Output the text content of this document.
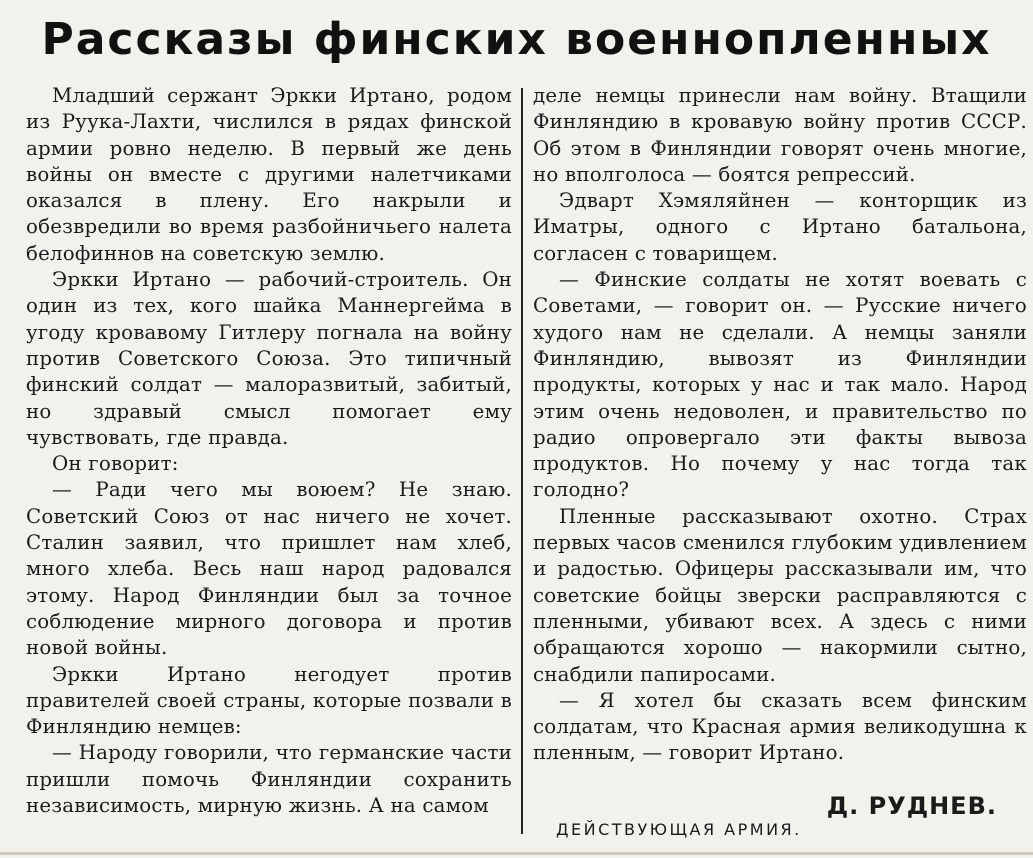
Рассказы финских военнопленных

Младший сержант Эркки Иртано, родом из Руука-Лахти, числился в рядах финской армии ровно неделю. В первый же день войны он вместе с другими налетчиками оказался в плену. Его накрыли и обезвредили во время разбойничьего налета белофиннов на советскую землю.

Эркки Иртано — рабочий-строитель. Он один из тех, кого шайка Маннергейма в угоду кровавому Гитлеру погнала на войну против Советского Союза. Это типичный финский солдат — малоразвитый, забитый, но здравый смысл помогает ему чувствовать, где правда.

Он говорит:

— Ради чего мы воюем? Не знаю. Советский Союз от нас ничего не хочет. Сталин заявил, что пришлет нам хлеб, много хлеба. Весь наш народ радовался этому. Народ Финляндии был за точное соблюдение мирного договора и против новой войны.

Эркки Иртано негодует против правителей своей страны, которые позвали в Финляндию немцев:

— Народу говорили, что германские части пришли помочь Финляндии сохранить независимость, мирную жизнь. А на самом

деле немцы принесли нам войну. Втащили Финляндию в кровавую войну против СССР. Об этом в Финляндии говорят очень многие, но вполголоса — боятся репрессий.

Эдварт Хэмяляйнен — конторщик из Иматры, одного с Иртано батальона, согласен с товарищем.

— Финские солдаты не хотят воевать с Советами, — говорит он. — Русские ничего худого нам не сделали. А немцы заняли Финляндию, вывозят из Финляндии продукты, которых у нас и так мало. Народ этим очень недоволен, и правительство по радио опровергало эти факты вывоза продуктов. Но почему у нас тогда так голодно?

Пленные рассказывают охотно. Страх первых часов сменился глубоким удивлением и радостью. Офицеры рассказывали им, что советские бойцы зверски расправляются с пленными, убивают всех. А здесь с ними обращаются хорошо — накормили сытно, снабдили папиросами.

— Я хотел бы сказать всем финским солдатам, что Красная армия великодушна к пленным, — говорит Иртано.

Д. РУДНЕВ.
ДЕЙСТВУЮЩАЯ АРМИЯ.
